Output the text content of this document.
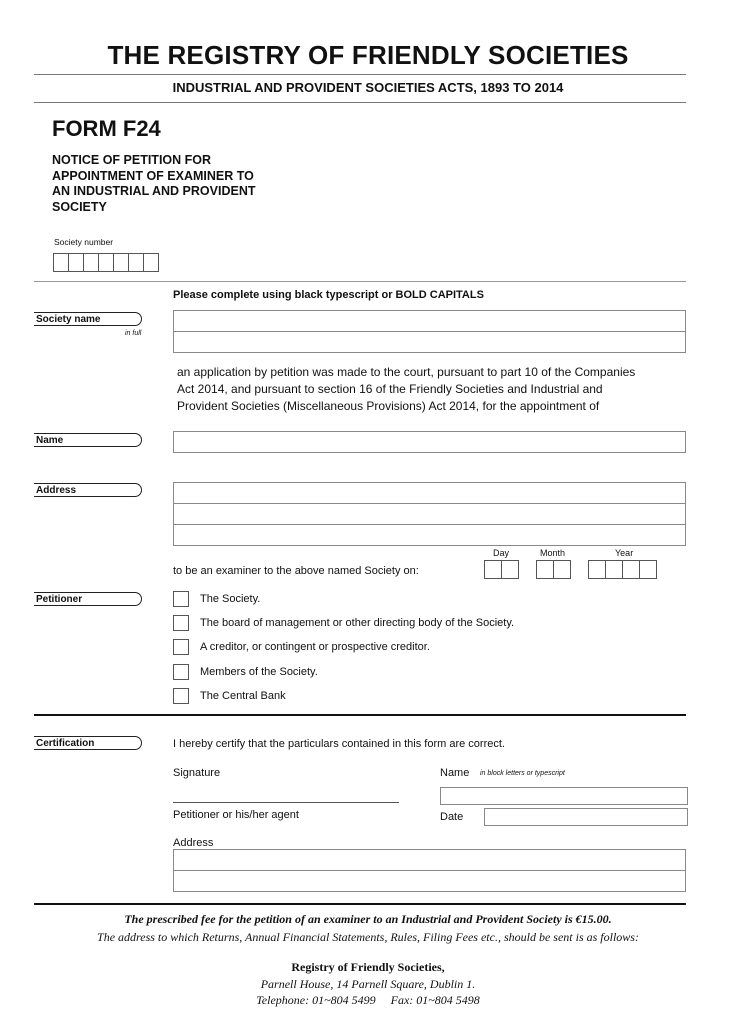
THE REGISTRY OF FRIENDLY SOCIETIES
INDUSTRIAL AND PROVIDENT SOCIETIES ACTS, 1893 TO 2014
FORM F24
NOTICE OF PETITION FOR
APPOINTMENT OF EXAMINER TO
AN INDUSTRIAL AND PROVIDENT
SOCIETY
Society number
Please complete using black typescript or BOLD CAPITALS
Society name
in full
an application by petition was made to the court, pursuant to part 10 of the Companies
Act 2014, and pursuant to section 16 of the Friendly Societies and Industrial and
Provident Societies (Miscellaneous Provisions) Act 2014, for the appointment of
Name
Address
to be an examiner to the above named Society on:
Day	Month	Year
Petitioner	The Society.
The board of management or other directing body of the Society.
A creditor, or contingent or prospective creditor.
Members of the Society.
The Central Bank
Certification	I hereby certify that the particulars contained in this form are correct.
Signature
Petitioner or his/her agent
Name in block letters or typescript
Date
Address
The prescribed fee for the petition of an examiner to an Industrial and Provident Society is €15.00.
The address to which Returns, Annual Financial Statements, Rules, Filing Fees etc., should be sent is as follows:
Registry of Friendly Societies,
Parnell House, 14 Parnell Square, Dublin 1.
Telephone: 01~804 5499 Fax: 01~804 5498
